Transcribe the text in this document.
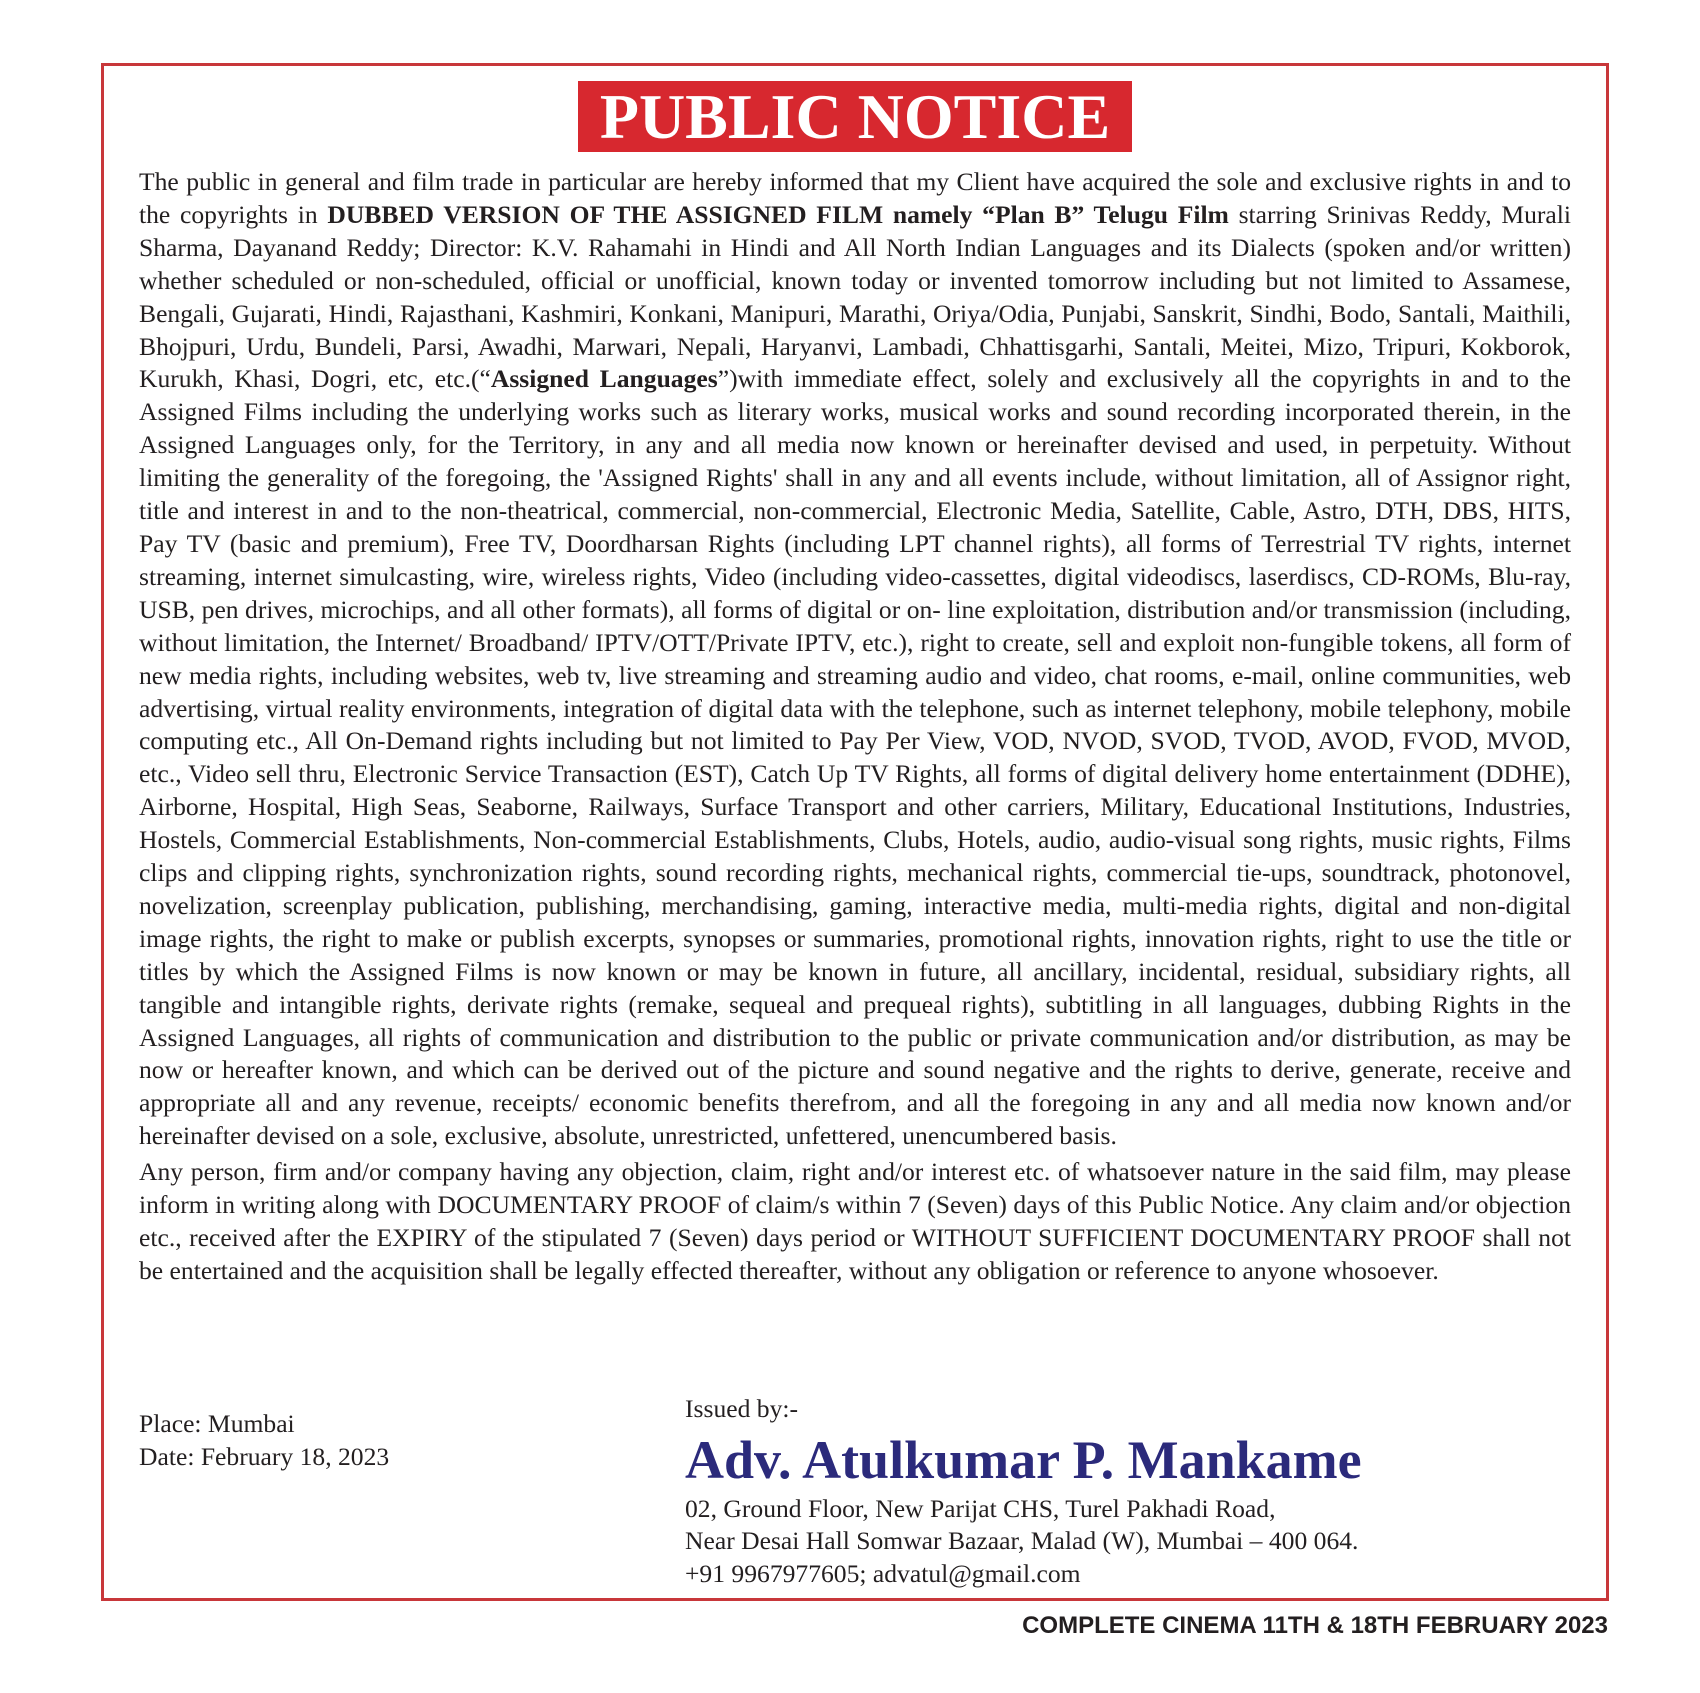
PUBLIC NOTICE

The public in general and film trade in particular are hereby informed that my Client have acquired the sole and exclusive rights in and to the copyrights in DUBBED VERSION OF THE ASSIGNED FILM namely “Plan B” Telugu Film starring Srinivas Reddy, Murali Sharma, Dayanand Reddy; Director: K.V. Rahamahi in Hindi and All North Indian Languages and its Dialects (spoken and/or written) whether scheduled or non-scheduled, official or unofficial, known today or invented tomorrow including but not limited to Assamese, Bengali, Gujarati, Hindi, Rajasthani, Kashmiri, Konkani, Manipuri, Marathi, Oriya/Odia, Punjabi, Sanskrit, Sindhi, Bodo, Santali, Maithili, Bhojpuri, Urdu, Bundeli, Parsi, Awadhi, Marwari, Nepali, Haryanvi, Lambadi, Chhattisgarhi, Santali, Meitei, Mizo, Tripuri, Kokborok, Kurukh, Khasi, Dogri, etc, etc.(“Assigned Languages”)with immediate effect, solely and exclusively all the copyrights in and to the Assigned Films including the underlying works such as literary works, musical works and sound recording incorporated therein, in the Assigned Languages only, for the Territory, in any and all media now known or hereinafter devised and used, in perpetuity. Without limiting the generality of the foregoing, the 'Assigned Rights' shall in any and all events include, without limitation, all of Assignor right, title and interest in and to the non-theatrical, commercial, non-commercial, Electronic Media, Satellite, Cable, Astro, DTH, DBS, HITS, Pay TV (basic and premium), Free TV, Doordharsan Rights (including LPT channel rights), all forms of Terrestrial TV rights, internet streaming, internet simulcasting, wire, wireless rights, Video (including video-cassettes, digital videodiscs, laserdiscs, CD-ROMs, Blu-ray, USB, pen drives, microchips, and all other formats), all forms of digital or on- line exploitation, distribution and/or transmission (including, without limitation, the Internet/ Broadband/ IPTV/OTT/Private IPTV, etc.), right to create, sell and exploit non-fungible tokens, all form of new media rights, including websites, web tv, live streaming and streaming audio and video, chat rooms, e-mail, online communities, web advertising, virtual reality environments, integration of digital data with the telephone, such as internet telephony, mobile telephony, mobile computing etc., All On-Demand rights including but not limited to Pay Per View, VOD, NVOD, SVOD, TVOD, AVOD, FVOD, MVOD, etc., Video sell thru, Electronic Service Transaction (EST), Catch Up TV Rights, all forms of digital delivery home entertainment (DDHE), Airborne, Hospital, High Seas, Seaborne, Railways, Surface Transport and other carriers, Military, Educational Institutions, Industries, Hostels, Commercial Establishments, Non-commercial Establishments, Clubs, Hotels, audio, audio-visual song rights, music rights, Films clips and clipping rights, synchronization rights, sound recording rights, mechanical rights, commercial tie-ups, soundtrack, photonovel, novelization, screenplay publication, publishing, merchandising, gaming, interactive media, multi-media rights, digital and non-digital image rights, the right to make or publish excerpts, synopses or summaries, promotional rights, innovation rights, right to use the title or titles by which the Assigned Films is now known or may be known in future, all ancillary, incidental, residual, subsidiary rights, all tangible and intangible rights, derivate rights (remake, sequeal and prequeal rights), subtitling in all languages, dubbing Rights in the Assigned Languages, all rights of communication and distribution to the public or private communication and/or distribution, as may be now or hereafter known, and which can be derived out of the picture and sound negative and the rights to derive, generate, receive and appropriate all and any revenue, receipts/ economic benefits therefrom, and all the foregoing in any and all media now known and/or hereinafter devised on a sole, exclusive, absolute, unrestricted, unfettered, unencumbered basis.

Any person, firm and/or company having any objection, claim, right and/or interest etc. of whatsoever nature in the said film, may please inform in writing along with DOCUMENTARY PROOF of claim/s within 7 (Seven) days of this Public Notice. Any claim and/or objection etc., received after the EXPIRY of the stipulated 7 (Seven) days period or WITHOUT SUFFICIENT DOCUMENTARY PROOF shall not be entertained and the acquisition shall be legally effected thereafter, without any obligation or reference to anyone whosoever.

Place: Mumbai
Date: February 18, 2023
Issued by:-
Adv. Atulkumar P. Mankame
02, Ground Floor, New Parijat CHS, Turel Pakhadi Road,
Near Desai Hall Somwar Bazaar, Malad (W), Mumbai – 400 064.
+91 9967977605; advatul@gmail.com
COMPLETE CINEMA 11TH & 18TH FEBRUARY 2023
